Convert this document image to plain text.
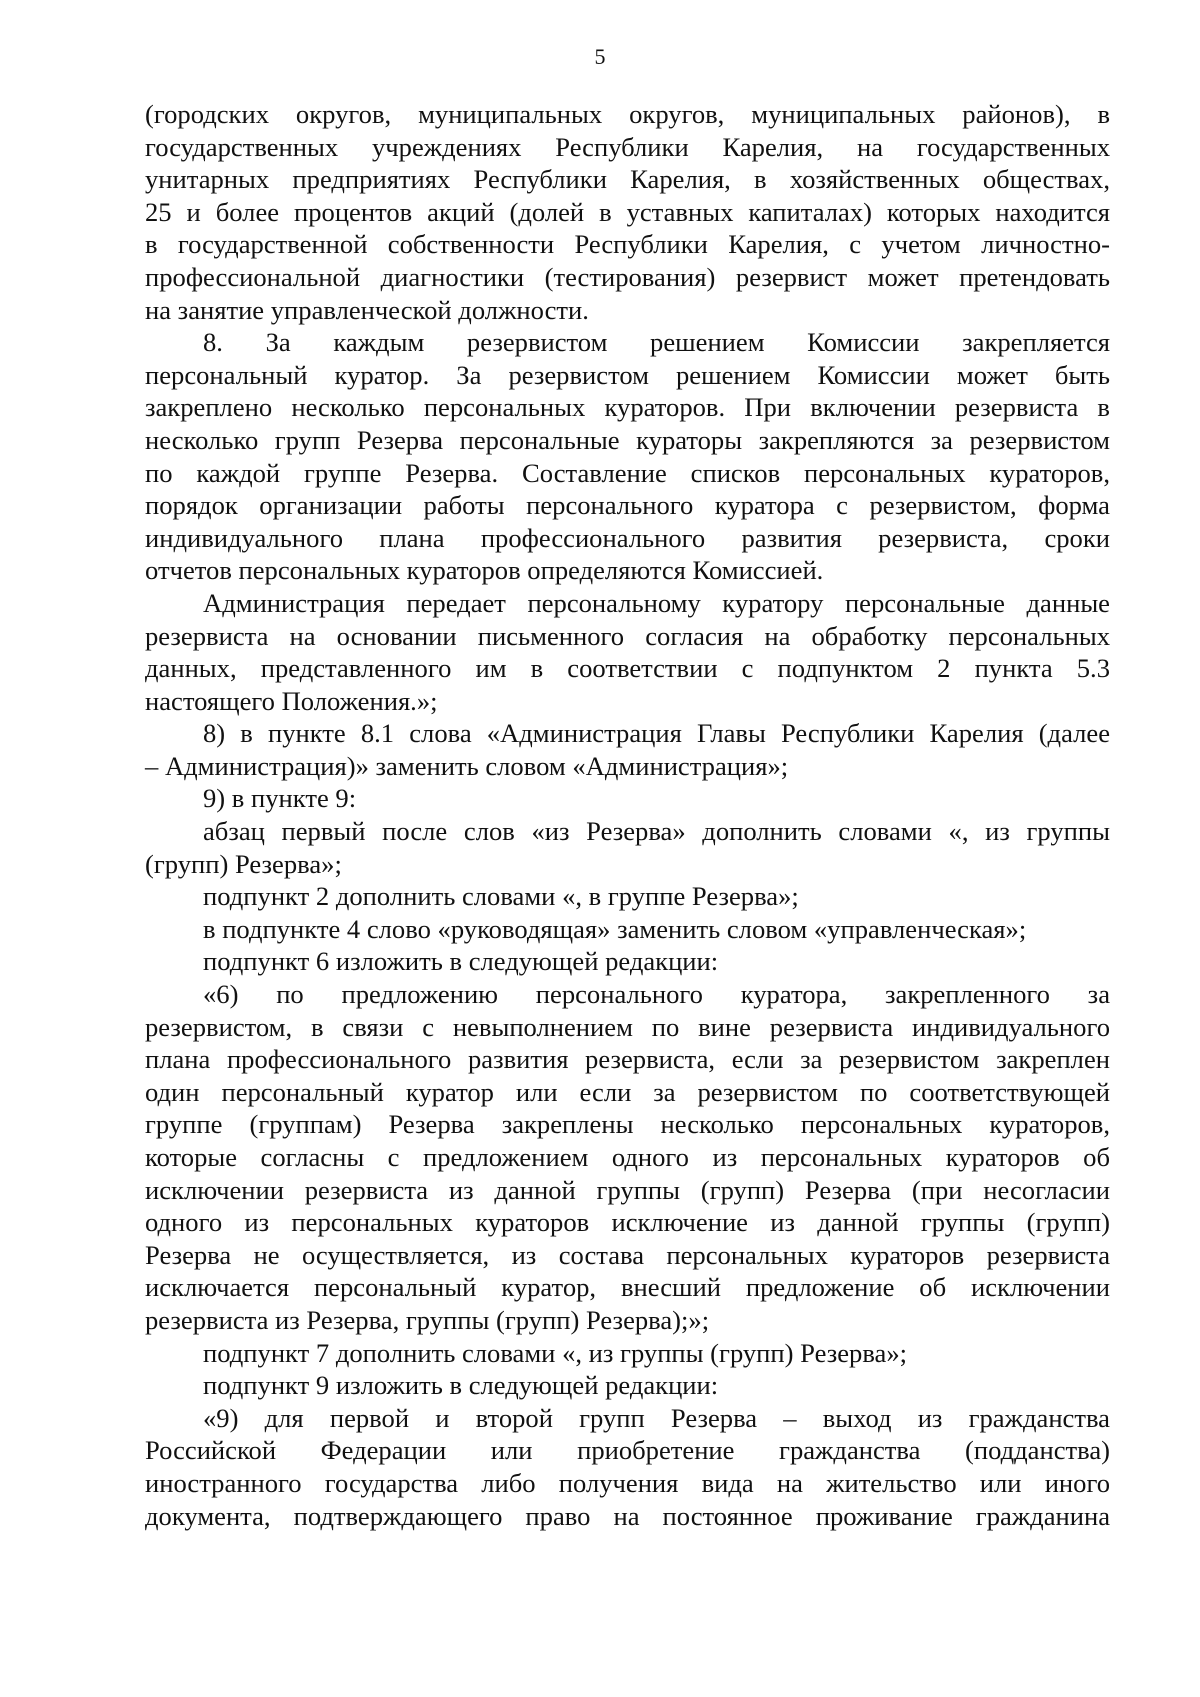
5

(городских округов, муниципальных округов, муниципальных районов), в
государственных учреждениях Республики Карелия, на государственных
унитарных предприятиях Республики Карелия, в хозяйственных обществах,
25 и более процентов акций (долей в уставных капиталах) которых находится
в государственной собственности Республики Карелия, с учетом личностно-
профессиональной диагностики (тестирования) резервист может претендовать
на занятие управленческой должности.

8. За каждым резервистом решением Комиссии закрепляется
персональный куратор. За резервистом решением Комиссии может быть
закреплено несколько персональных кураторов. При включении резервиста в
несколько групп Резерва персональные кураторы закрепляются за резервистом
по каждой группе Резерва. Составление списков персональных кураторов,
порядок организации работы персонального куратора с резервистом, форма
индивидуального плана профессионального развития резервиста, сроки
отчетов персональных кураторов определяются Комиссией.

Администрация передает персональному куратору персональные данные
резервиста на основании письменного согласия на обработку персональных
данных, представленного им в соответствии с подпунктом 2 пункта 5.3
настоящего Положения.»;

8) в пункте 8.1 слова «Администрация Главы Республики Карелия (далее
– Администрация)» заменить словом «Администрация»;

9) в пункте 9:

абзац первый после слов «из Резерва» дополнить словами «, из группы
(групп) Резерва»;

подпункт 2 дополнить словами «, в группе Резерва»;

в подпункте 4 слово «руководящая» заменить словом «управленческая»;

подпункт 6 изложить в следующей редакции:

«6) по предложению персонального куратора, закрепленного за
резервистом, в связи с невыполнением по вине резервиста индивидуального
плана профессионального развития резервиста, если за резервистом закреплен
один персональный куратор или если за резервистом по соответствующей
группе (группам) Резерва закреплены несколько персональных кураторов,
которые согласны с предложением одного из персональных кураторов об
исключении резервиста из данной группы (групп) Резерва (при несогласии
одного из персональных кураторов исключение из данной группы (групп)
Резерва не осуществляется, из состава персональных кураторов резервиста
исключается персональный куратор, внесший предложение об исключении
резервиста из Резерва, группы (групп) Резерва);»;

подпункт 7 дополнить словами «, из группы (групп) Резерва»;

подпункт 9 изложить в следующей редакции:

«9) для первой и второй групп Резерва – выход из гражданства
Российской Федерации или приобретение гражданства (подданства)
иностранного государства либо получения вида на жительство или иного
документа, подтверждающего право на постоянное проживание гражданина
